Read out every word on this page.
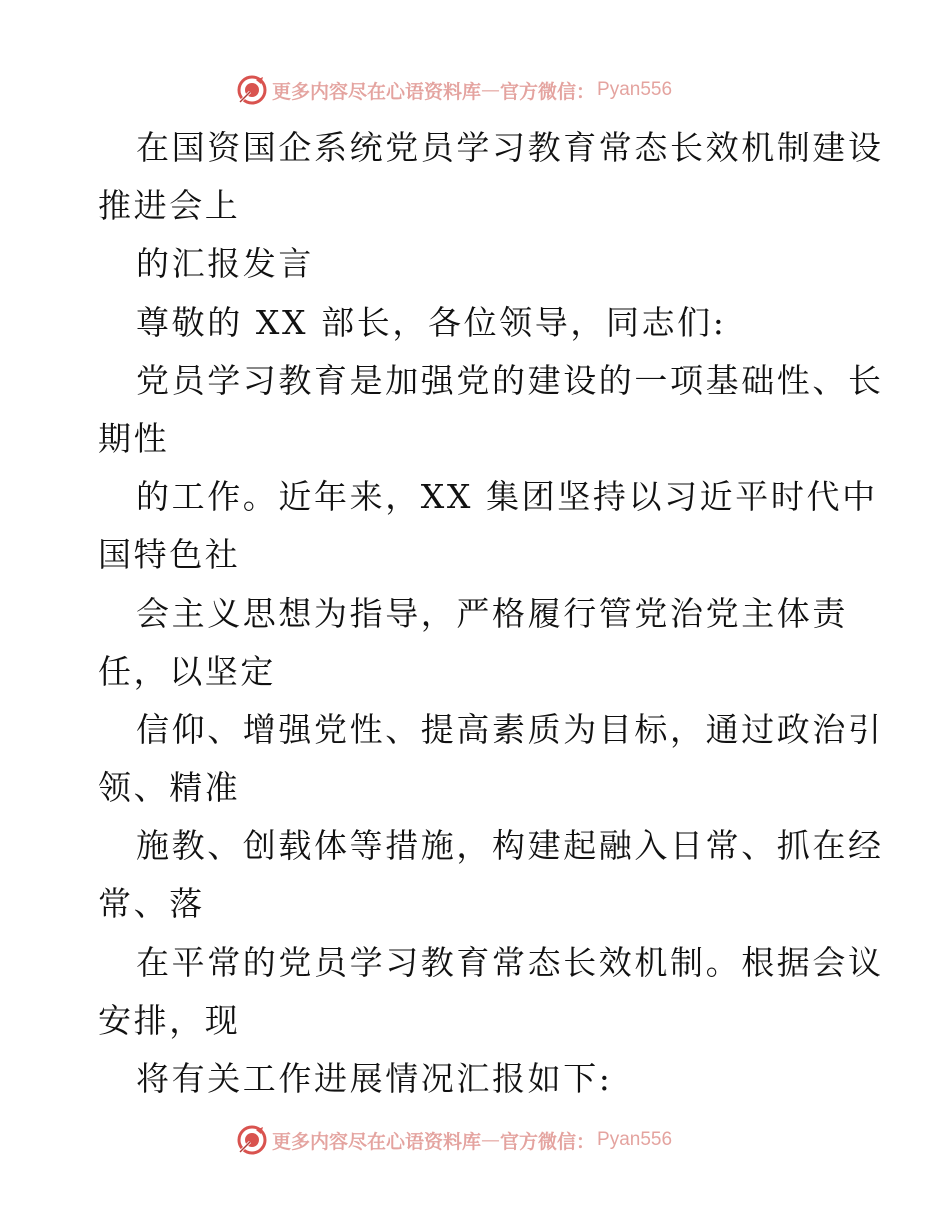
更多内容尽在心语资料库 — 官方微信： Pyan556
在国资国企系统党员学习教育常态长效机制建设
推进会上
的汇报发言
尊敬的 XX 部长，各位领导，同志们:
党员学习教育是加强党的建设的一项基础性、长
期性
的工作。近年来，XX 集团坚持以习近平时代中
国特色社
会主义思想为指导，严格履行管党治党主体责
任，以坚定
信仰、增强党性、提高素质为目标，通过政治引
领、精准
施教、创载体等措施，构建起融入日常、抓在经
常、落
在平常的党员学习教育常态长效机制。根据会议
安排，现
将有关工作进展情况汇报如下:
更多内容尽在心语资料库 — 官方微信： Pyan556
